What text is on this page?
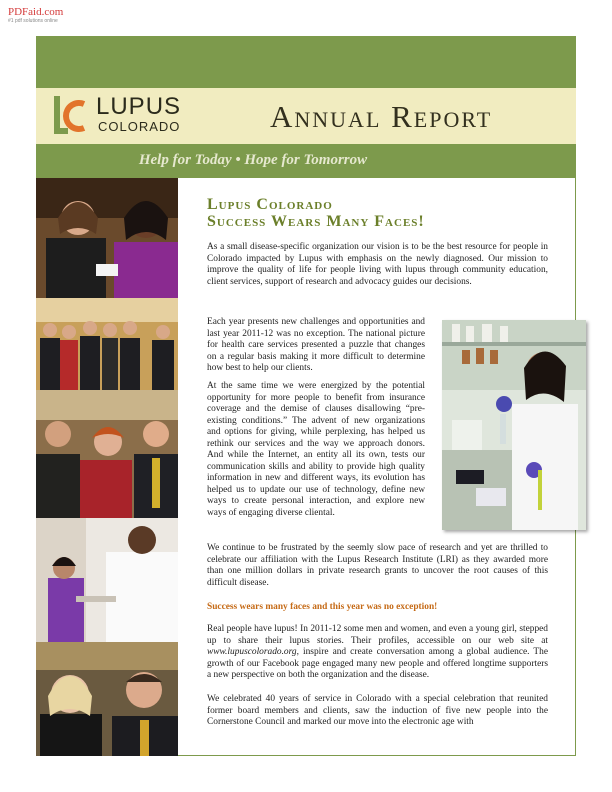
PDFaid.com
#1 pdf solutions online
LUPUS
COLORADO	Annual Report
Help for Today • Hope for Tomorrow
Lupus Colorado
Success Wears Many Faces!

As a small disease-specific organization our vision is to be the best resource for people in Colorado impacted by Lupus with emphasis on the newly diagnosed. Our mission to improve the quality of life for people living with lupus through community education, client services, support of research and advocacy guides our decisions.

Each year presents new challenges and opportunities and last year 2011-12 was no exception. The national picture for health care services presented a puzzle that changes on a regular basis making it more difficult to determine how best to help our clients.

At the same time we were energized by the potential opportunity for more people to benefit from insurance coverage and the demise of clauses disallowing “pre-existing conditions.” The advent of new organizations and options for giving, while perplexing, has helped us rethink our services and the way we approach donors. And while the Internet, an entity all its own, tests our communication skills and ability to provide high quality information in new and different ways, its evolution has helped us to update our use of technology, define new ways to create personal interaction, and explore new ways of engaging diverse cliental.

We continue to be frustrated by the seemly slow pace of research and yet are thrilled to celebrate our affiliation with the Lupus Research Institute (LRI) as they awarded more than one million dollars in private research grants to uncover the root causes of this difficult disease.

Success wears many faces and this year was no exception!

Real people have lupus! In 2011-12 some men and women, and even a young girl, stepped up to share their lupus stories. Their profiles, accessible on our web site at www.lupuscolorado.org, inspire and create conversation among a global audience. The growth of our Facebook page engaged many new people and offered longtime supporters a new perspective on both the organization and the disease.

We celebrated 40 years of service in Colorado with a special celebration that reunited former board members and clients, saw the induction of five new people into the Cornerstone Council and marked our move into the electronic age with
